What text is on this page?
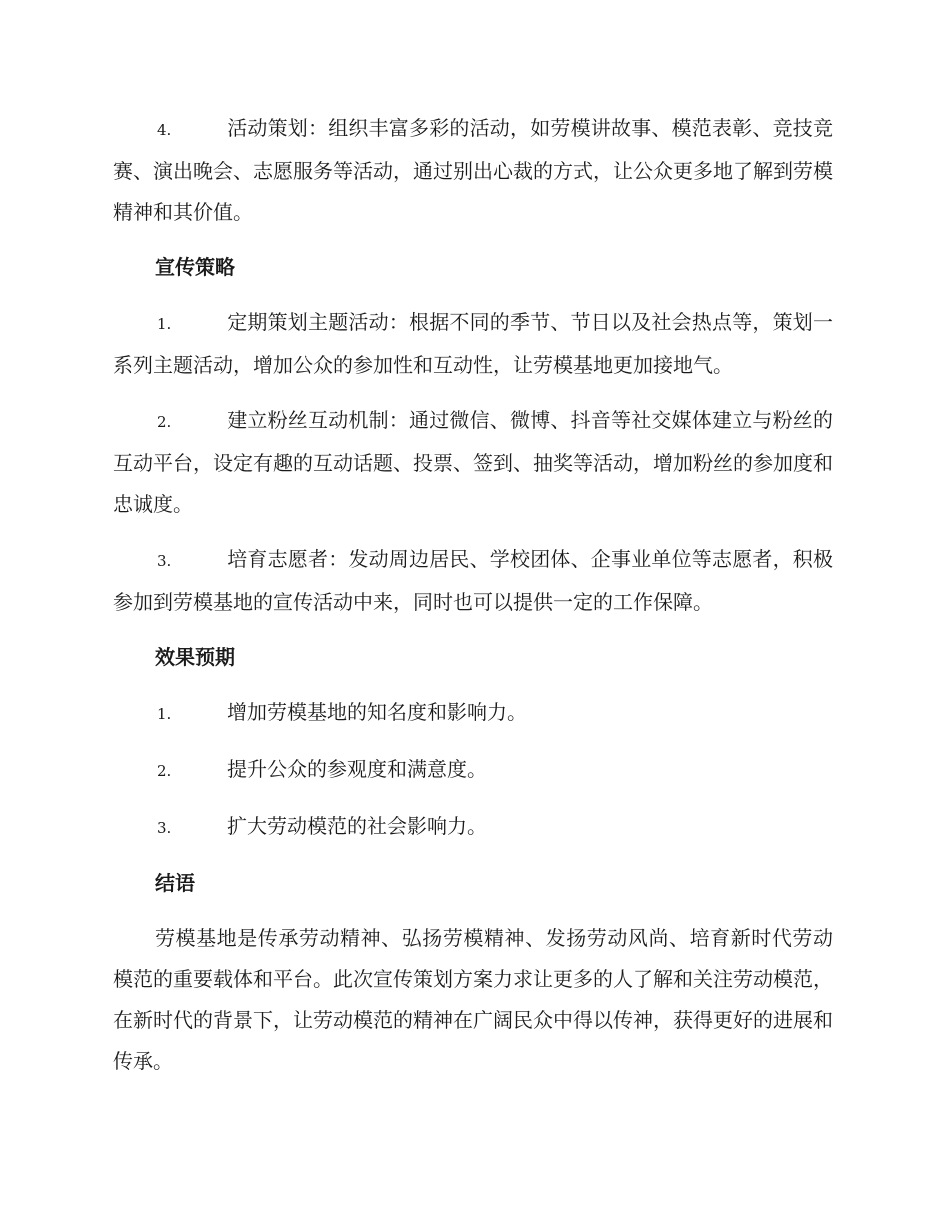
4.	活动策划：组织丰富多彩的活动，如劳模讲故事、模范表彰、竞技竞赛、演出晚会、志愿服务等活动，通过别出心裁的方式，让公众更多地了解到劳模精神和其价值。

宣传策略

1.	定期策划主题活动：根据不同的季节、节日以及社会热点等，策划一系列主题活动，增加公众的参加性和互动性，让劳模基地更加接地气。

2.	建立粉丝互动机制：通过微信、微博、抖音等社交媒体建立与粉丝的互动平台，设定有趣的互动话题、投票、签到、抽奖等活动，增加粉丝的参加度和忠诚度。

3.	培育志愿者：发动周边居民、学校团体、企事业单位等志愿者，积极参加到劳模基地的宣传活动中来，同时也可以提供一定的工作保障。

效果预期

1.	增加劳模基地的知名度和影响力。

2.	提升公众的参观度和满意度。

3.	扩大劳动模范的社会影响力。

结语

劳模基地是传承劳动精神、弘扬劳模精神、发扬劳动风尚、培育新时代劳动模范的重要载体和平台。此次宣传策划方案力求让更多的人了解和关注劳动模范，在新时代的背景下，让劳动模范的精神在广阔民众中得以传神，获得更好的进展和传承。
